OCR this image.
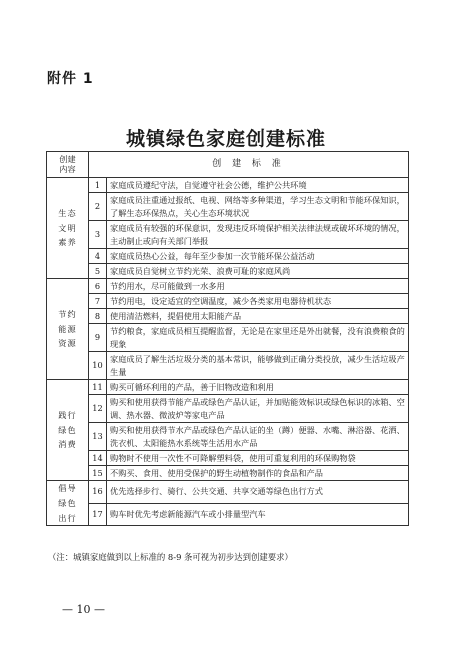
附件 1
城镇绿色家庭创建标准
创建
内容	创 建 标 准	
生态
文明
素养	1	家庭成员遵纪守法，自觉遵守社会公德，维护公共环境
	2	家庭成员注重通过报纸、电视、网络等多种渠道，学习生态文明和节能环保知识，了解生态环保热点，关心生态环境状况
	3	家庭成员有较强的环保意识，发现违反环境保护相关法律法规或破坏环境的情况，主动制止或向有关部门举报
	4	家庭成员热心公益，每年至少参加一次节能环保公益活动
	5	家庭成员自觉树立节约光荣、浪费可耻的家庭风尚
节约
能源
资源	6	节约用水，尽可能做到一水多用
	7	节约用电，设定适宜的空调温度，减少各类家用电器待机状态
	8	使用清洁燃料，提倡使用太阳能产品
	9	节约粮食，家庭成员相互提醒监督，无论是在家里还是外出就餐，没有浪费粮食的现象
	10	家庭成员了解生活垃圾分类的基本常识，能够做到正确分类投放，减少生活垃圾产生量
践行
绿色
消费	11	购买可循环利用的产品，善于旧物改造和利用
	12	购买和使用获得节能产品或绿色产品认证，并加贴能效标识或绿色标识的冰箱、空调、热水器、微波炉等家电产品
	13	购买和使用获得节水产品或绿色产品认证的坐（蹲）便器、水嘴、淋浴器、花洒、洗衣机、太阳能热水系统等生活用水产品
	14	购物时不使用一次性不可降解塑料袋，使用可重复利用的环保购物袋
	15	不购买、食用、使用受保护的野生动植物制作的食品和产品
倡导
绿色
出行	16	优先选择步行、骑行、公共交通、共享交通等绿色出行方式
	17	购车时优先考虑新能源汽车或小排量型汽车
（注：城镇家庭做到以上标准的 8-9 条可视为初步达到创建要求）
— 10 —
